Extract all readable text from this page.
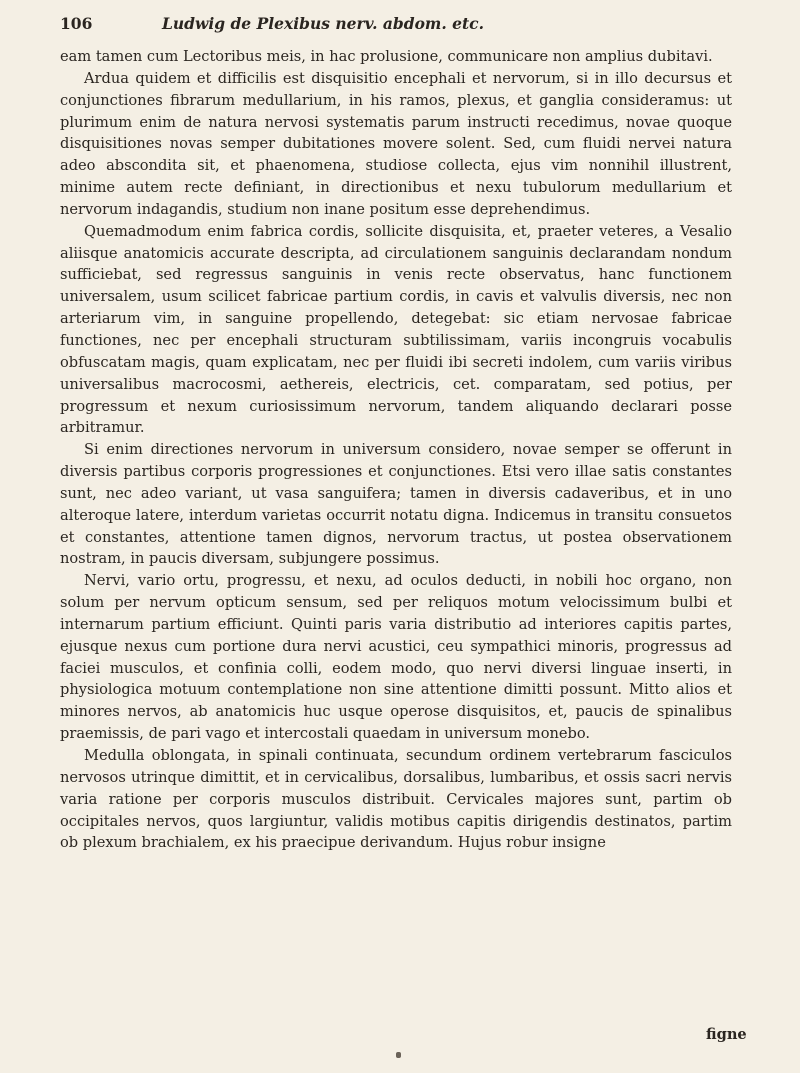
106	Ludwig de Plexibus nerv. abdom. etc.

eam tamen cum Lectoribus meis, in hac prolusione, communicare non amplius dubitavi.

Ardua quidem et difficilis est disquisitio encephali et nervorum, si in illo decursus et conjunctiones fibrarum medullarium, in his ramos, plexus, et ganglia consideramus: ut plurimum enim de natura nervosi systematis parum instructi recedimus, novae quoque disquisitiones novas semper dubitationes movere solent. Sed, cum fluidi nervei natura adeo abscondita sit, et phaenomena, studiose collecta, ejus vim nonnihil illustrent, minime autem recte definiant, in directionibus et nexu tubulorum medullarium et nervorum indagandis, studium non inane positum esse deprehendimus.

Quemadmodum enim fabrica cordis, sollicite disquisita, et, praeter veteres, a Vesalio aliisque anatomicis accurate descripta, ad circulationem sanguinis declarandam nondum sufficiebat, sed regressus sanguinis in venis recte observatus, hanc functionem universalem, usum scilicet fabricae partium cordis, in cavis et valvulis diversis, nec non arteriarum vim, in sanguine propellendo, detegebat: sic etiam nervosae fabricae functiones, nec per encephali structuram subtilissimam, variis incongruis vocabulis obfuscatam magis, quam explicatam, nec per fluidi ibi secreti indolem, cum variis viribus universalibus macrocosmi, aethereis, electricis, cet. comparatam, sed potius, per progressum et nexum curiosissimum nervorum, tandem aliquando declarari posse arbitramur.

Si enim directiones nervorum in universum considero, novae semper se offerunt in diversis partibus corporis progressiones et conjunctiones. Etsi vero illae satis constantes sunt, nec adeo variant, ut vasa sanguifera; tamen in diversis cadaveribus, et in uno alteroque latere, interdum varietas occurrit notatu digna. Indicemus in transitu consuetos et constantes, attentione tamen dignos, nervorum tractus, ut postea observationem nostram, in paucis diversam, subjungere possimus.

Nervi, vario ortu, progressu, et nexu, ad oculos deducti, in nobili hoc organo, non solum per nervum opticum sensum, sed per reliquos motum velocissimum bulbi et internarum partium efficiunt. Quinti paris varia distributio ad interiores capitis partes, ejusque nexus cum portione dura nervi acustici, ceu sympathici minoris, progressus ad faciei musculos, et confinia colli, eodem modo, quo nervi diversi linguae inserti, in physiologica motuum contemplatione non sine attentione dimitti possunt. Mitto alios et minores nervos, ab anatomicis huc usque operose disquisitos, et, paucis de spinalibus praemissis, de pari vago et intercostali quaedam in universum monebo.

Medulla oblongata, in spinali continuata, secundum ordinem vertebrarum fasciculos nervosos utrinque dimittit, et in cervicalibus, dorsalibus, lumbaribus, et ossis sacri nervis varia ratione per corporis musculos distribuit. Cervicales majores sunt, partim ob occipitales nervos, quos largiuntur, validis motibus capitis dirigendis destinatos, partim ob plexum brachialem, ex his praecipue derivandum. Hujus robur insigne

figne
